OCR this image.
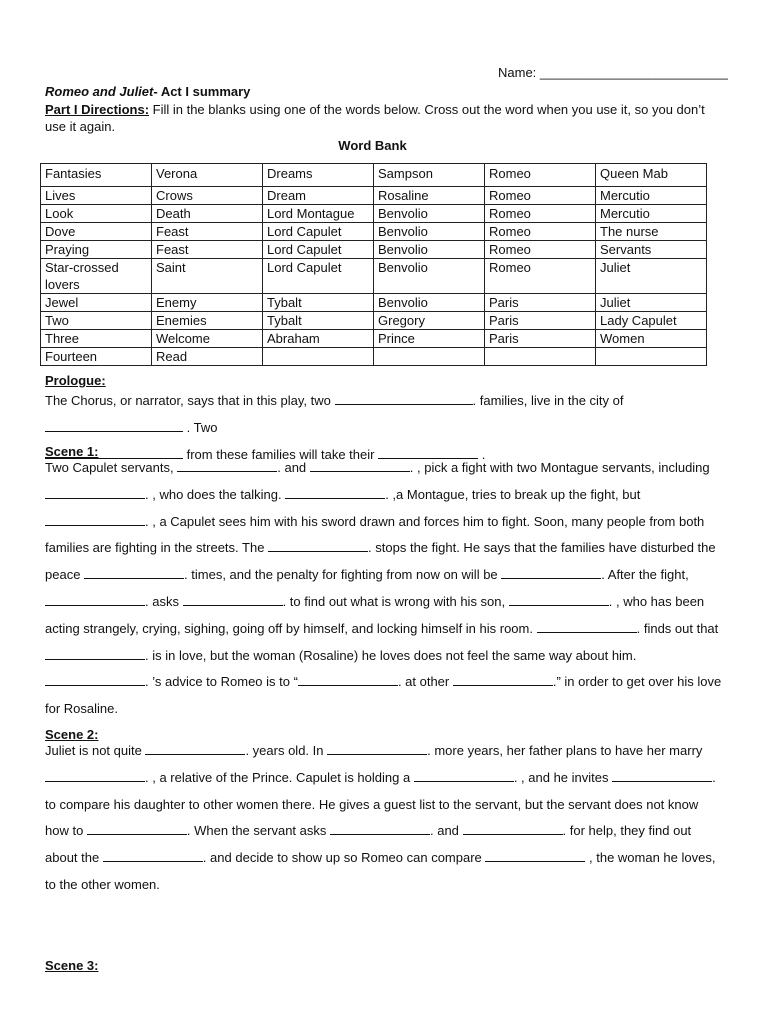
Name: __________________________
Romeo and Juliet- Act I summary
Part I Directions: Fill in the blanks using one of the words below. Cross out the word when you use it, so you don’t use it again.
Word Bank
Fantasies	Verona	Dreams	Sampson	Romeo	Queen Mab
Lives	Crows	Dream	Rosaline	Romeo	Mercutio
Look	Death	Lord Montague	Benvolio	Romeo	Mercutio
Dove	Feast	Lord Capulet	Benvolio	Romeo	The nurse
Praying	Feast	Lord Capulet	Benvolio	Romeo	Servants
Star-crossed lovers	Saint	Lord Capulet	Benvolio	Romeo	Juliet
Jewel	Enemy	Tybalt	Benvolio	Paris	Juliet
Two	Enemies	Tybalt	Gregory	Paris	Lady Capulet
Three	Welcome	Abraham	Prince	Paris	Women
Fourteen	Read				
Prologue:
The Chorus, or narrator, says that in this play, two	. families, live in the city of  . Two
from these families will take their	.
Scene 1:
Two Capulet servants,	. and	. , pick a fight with two Montague servants, including . , who does the talking.	. ,a Montague, tries to break up the fight, but . , a Capulet sees him with his sword drawn and forces him to fight. Soon, many people from both families are fighting in the streets. The	. stops the fight. He says that the families have disturbed the peace	. times, and the penalty for fighting from now on will be	. After the fight, . asks	. to find out what is wrong with his son,	. , who has been acting strangely, crying, sighing, going off by himself, and locking himself in his room.	. finds out that . is in love, but the woman (Rosaline) he loves does not feel the same way about him. . ’s advice to Romeo is to “	. at other	.” in order to get over his love for Rosaline.
Scene 2:
Juliet is not quite	. years old. In	. more years, her father plans to have her marry . , a relative of the Prince. Capulet is holding a	. , and he invites	. to compare his daughter to other women there. He gives a guest list to the servant, but the servant does not know how to	. When the servant asks	. and	. for help, they find out about the	. and decide to show up so Romeo can compare	, the woman he loves, to the other women.
Scene 3:
